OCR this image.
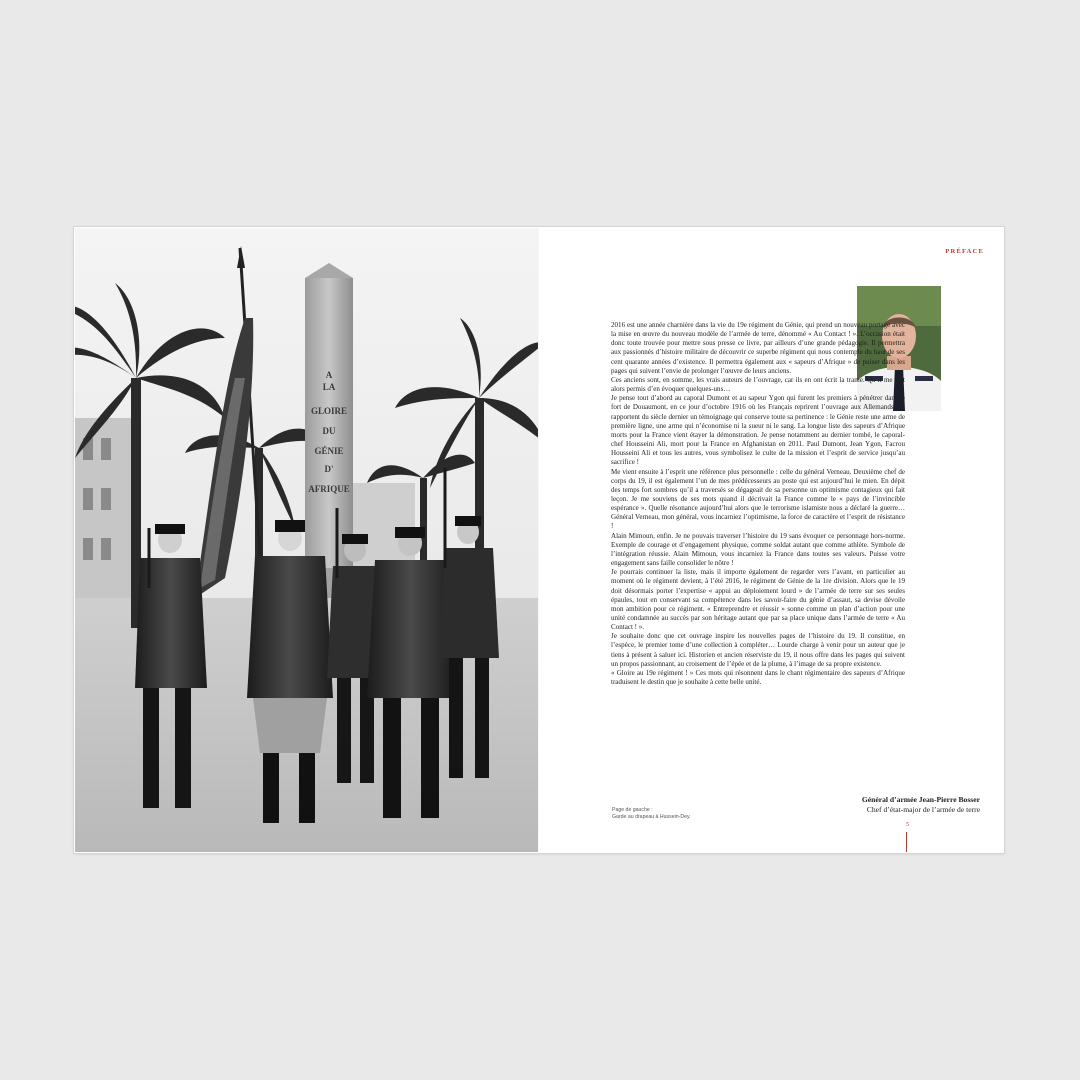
A
LA
GLOIRE
DU
GÉNIE
D'
AFRIQUE
Page de gauche :
Garde au drapeau à Hussein-Dey.
PRÉFACE

2016 est une année charnière dans la vie du 19e régiment du Génie, qui prend un nouveau portage avec la mise en œuvre du nouveau modèle de l’armée de terre, dénommé « Au Contact ! ». L’occasion était donc toute trouvée pour mettre sous presse ce livre, par ailleurs d’une grande pédagogie. Il permettra aux passionnés d’histoire militaire de découvrir ce superbe régiment qui nous contemple du haut de ses cent quarante années d’existence. Il permettra également aux « sapeurs d’Afrique » de puiser dans les pages qui suivent l’envie de prolonger l’œuvre de leurs anciens.

Ces anciens sont, en somme, les vrais auteurs de l’ouvrage, car ils en ont écrit la trame. Qu’il me soit alors permis d’en évoquer quelques-uns…

Je pense tout d’abord au caporal Dumont et au sapeur Ygon qui furent les premiers à pénétrer dans le fort de Douaumont, en ce jour d’octobre 1916 où les Français reprirent l’ouvrage aux Allemands. Ils rapportent du siècle dernier un témoignage qui conserve toute sa pertinence : le Génie reste une arme de première ligne, une arme qui n’économise ni la sueur ni le sang. La longue liste des sapeurs d’Afrique morts pour la France vient étayer la démonstration. Je pense notamment au dernier tombé, le caporal-chef Housseini Ali, mort pour la France en Afghanistan en 2011. Paul Dumont, Jean Ygon, Facrou Housseini Ali et tous les autres, vous symbolisez le culte de la mission et l’esprit de service jusqu’au sacrifice !

Me vient ensuite à l’esprit une référence plus personnelle : celle du général Verneau. Deuxième chef de corps du 19, il est également l’un de mes prédécesseurs au poste qui est aujourd’hui le mien. En dépit des temps fort sombres qu’il a traversés se dégageait de sa personne un optimisme contagieux qui fait leçon. Je me souviens de ses mots quand il décrivait la France comme le « pays de l’invincible espérance ». Quelle résonance aujourd’hui alors que le terrorisme islamiste nous a déclaré la guerre… Général Verneau, mon général, vous incarniez l’optimisme, la force de caractère et l’esprit de résistance !

Alain Mimoun, enfin. Je ne pouvais traverser l’histoire du 19 sans évoquer ce personnage hors-norme. Exemple de courage et d’engagement physique, comme soldat autant que comme athlète. Symbole de l’intégration réussie. Alain Mimoun, vous incarniez la France dans toutes ses valeurs. Puisse votre engagement sans faille consolider le nôtre !

Je pourrais continuer la liste, mais il importe également de regarder vers l’avant, en particulier au moment où le régiment devient, à l’été 2016, le régiment de Génie de la 1re division. Alors que le 19 doit désormais porter l’expertise « appui au déploiement lourd » de l’armée de terre sur ses seules épaules, tout en conservant sa compétence dans les savoir-faire du génie d’assaut, sa devise dévoile mon ambition pour ce régiment. « Entreprendre et réussir » sonne comme un plan d’action pour une unité condamnée au succès par son héritage autant que par sa place unique dans l’armée de terre « Au Contact ! ».

Je souhaite donc que cet ouvrage inspire les nouvelles pages de l’histoire du 19. Il constitue, en l’espèce, le premier tome d’une collection à compléter… Lourde charge à venir pour un auteur que je tiens à présent à saluer ici. Historien et ancien réserviste du 19, il nous offre dans les pages qui suivent un propos passionnant, au croisement de l’épée et de la plume, à l’image de sa propre existence.

« Gloire au 19e régiment ! » Ces mots qui résonnent dans le chant régimentaire des sapeurs d’Afrique traduisent le destin que je souhaite à cette belle unité.

Général d’armée Jean-Pierre Bosser
Chef d’état-major de l’armée de terre
5
